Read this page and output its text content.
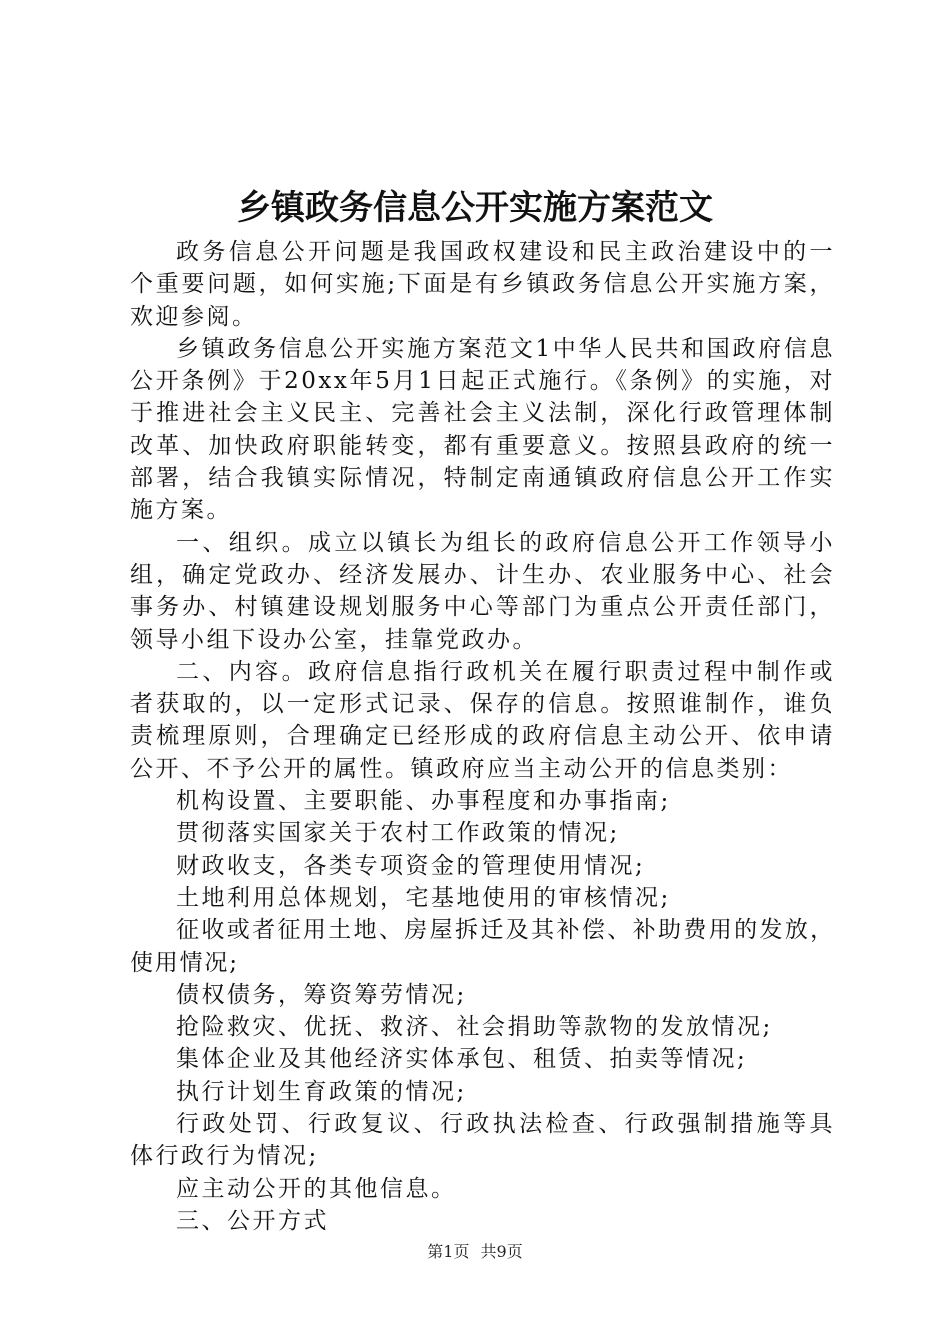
乡镇政务信息公开实施方案范文

政务信息公开问题是我国政权建设和民主政治建设中的一个重要问题，如何实施;下面是有乡镇政务信息公开实施方案，欢迎参阅。

乡镇政务信息公开实施方案范文1中华人民共和国政府信息公开条例》于20xx年5月1日起正式施行。《条例》的实施，对于推进社会主义民主、完善社会主义法制，深化行政管理体制改革、加快政府职能转变，都有重要意义。按照县政府的统一部署，结合我镇实际情况，特制定南通镇政府信息公开工作实施方案。

一、组织。成立以镇长为组长的政府信息公开工作领导小组，确定党政办、经济发展办、计生办、农业服务中心、社会事务办、村镇建设规划服务中心等部门为重点公开责任部门，领导小组下设办公室，挂靠党政办。

二、内容。政府信息指行政机关在履行职责过程中制作或者获取的，以一定形式记录、保存的信息。按照谁制作，谁负责梳理原则，合理确定已经形成的政府信息主动公开、依申请公开、不予公开的属性。镇政府应当主动公开的信息类别：

机构设置、主要职能、办事程度和办事指南;

贯彻落实国家关于农村工作政策的情况;

财政收支，各类专项资金的管理使用情况;

土地利用总体规划，宅基地使用的审核情况;

征收或者征用土地、房屋拆迁及其补偿、补助费用的发放，使用情况;

债权债务，筹资筹劳情况;

抢险救灾、优抚、救济、社会捐助等款物的发放情况;

集体企业及其他经济实体承包、租赁、拍卖等情况;

执行计划生育政策的情况;

行政处罚、行政复议、行政执法检查、行政强制措施等具体行政行为情况;

应主动公开的其他信息。

三、公开方式

第1页 共9页
